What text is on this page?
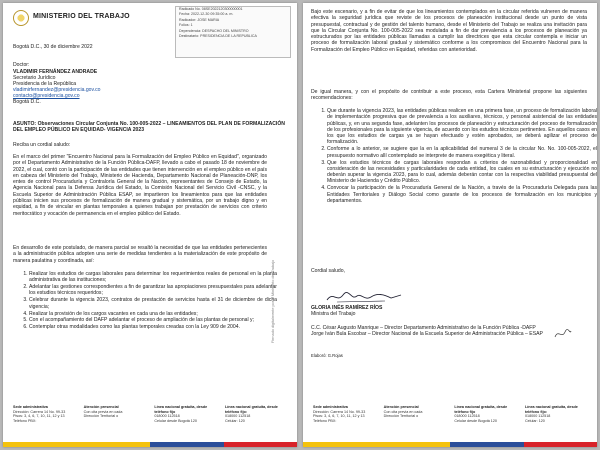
MINISTERIO DEL TRABAJO
Radicado No. 08SE2022120300000001
Fecha: 2022-12-30 09:35:00 a. m.
Radicador: JOSE MARIA
Folios: 1
Dependencia: DESPACHO DEL MINISTRO
Destinatario: PRESIDENCIA DE LA REPUBLICA

Bogotá D.C., 30 de diciembre 2022

Doctor:

VLADIMIR FERNÁNDEZ ANDRADE

Secretario Jurídico

Presidencia de la República

vladimirfernandez@presidencia.gov.co

contacto@presidencia.gov.co

Bogotá D.C.

ASUNTO: Observaciones Circular Conjunta No. 100-005-2022 – LINEAMIENTOS DEL PLAN DE FORMALIZACIÓN DEL EMPLEO PÚBLICO EN EQUIDAD- VIGENCIA 2023

Reciba un cordial saludo:

En el marco del primer "Encuentro Nacional para la Formalización del Empleo Público en Equidad", organizado por el Departamento Administrativo de la Función Pública-DAFP, llevado a cabo el pasado 18 de noviembre de 2022, el cual, contó con la participación de las entidades que tienen intervención en el empleo público en el país en cabeza del Ministerio del Trabajo, Ministerio de Hacienda, Departamento Nacional de Planeación-DNP, los entes de control Procuraduría y Contraloría General de la Nación, representantes de Consejo de Estado, la Agencia Nacional para la Defensa Jurídica del Estado, la Comisión Nacional del Servicio Civil -CNSC, y la Escuela Superior de Administración Pública ESAP, se impartieron los lineamientos para que las entidades públicas inicien sus procesos de formalización de manera gradual y sistemática, por un trabajo digno y en equidad, a fin de vincular en plantas temporales a quienes trabajan por prestación de servicios con criterio meritocrático y vocación de permanencia en el empleo público del Estado.

En desarrollo de este postulado, de manera parcial se resaltó la necesidad de que las entidades pertenecientes a la administración pública adopten una serie de medidas tendientes a la materialización de este propósito de manera paulatina y coordinada, así:

1. Realizar los estudios de cargas laborales para determinar los requerimientos reales de personal en la planta administrativa de las instituciones;
2. Adelantar las gestiones correspondientes a fin de garantizar las apropiaciones presupuestales para adelantar los estudios técnicos requeridos;
3. Celebrar durante la vigencia 2023, contratos de prestación de servicios hasta el 31 de diciembre de dicha vigencia;
4. Realizar la provisión de los cargos vacantes en cada una de las entidades;
5. Con el acompañamiento del DAFP adelantar el proceso de ampliación de las plantas de personal y;
6. Contemplar otras modalidades como las plantas temporales creadas con la Ley 909 de 2004.	Firmado digitalmente por el Ministerio del Trabajo
Sede administrativa
Dirección: Carrera 14 No. 99-33
Pisos: 3, 4, 6, 7, 10, 11, 12 y 13
Teléfono PBX:
Atención presencial
Con cita previa en cada
Dirección Territorial o
Línea nacional gratuita, desde teléfono fijo
018000 112518
Celular desde Bogotá 120
Línea nacional gratuita, desde teléfono fijo:
018000 112518
Celular: 120

Bajo este escenario, y a fin de evitar de que los lineamientos contemplados en la circular referida vulneren de manera efectiva la seguridad jurídica que reviste de los procesos de planeación institucional desde un punto de vista presupuestal, contractual y de gestión del talento humano, desde el Ministerio del Trabajo se realiza una invitación para que la Circular Conjunta No. 100-005-2022 sea modulada a fin de dar prevalencia a los procesos de planeación ya estructurados por las entidades públicas llamadas a cumplir las directrices que esta circular contempla e iniciar un proceso de formalización laboral gradual y sistemático conforme a los compromisos del Encuentro Nacional para la Formalización del Empleo Público en Equidad, referidas con anterioridad.

De igual manera, y con el propósito de contribuir a este proceso, esta Cartera Ministerial propone las siguientes recomendaciones:

1. Que durante la vigencia 2023, las entidades públicas realicen en una primera fase, un proceso de formalización laboral de implementación progresiva que de prevalencia a los auxiliares, técnicos, y personal asistencial de las entidades públicas, y, en una segunda fase, adelanten los procesos de planeación y estructuración del proceso de formalización de los profesionales para la siguiente vigencia, de acuerdo con los estudios técnicos pertinentes. En aquellos casos en los que los estudios de cargas ya se hayan efectuado y estén aprobados, se deberá agilizar el proceso de formalización.
2. Conforme a lo anterior, se sugiere que la en la aplicabilidad del numeral 3 de la circular No. No. 100-005-2022, el presupuesto normativo allí contemplado se interprete de manera exegética y literal.
3. Que los estudios técnicos de cargas laborales respondan a criterios de razonabilidad y proporcionalidad en consideración de las necesidades y particularidades de cada entidad, los cuales en su estructuración y ejecución no deberán superar la vigencia 2023, para lo cual, además deberán contar con la respectiva viabilidad presupuestal del Ministerio de Hacienda y Crédito Público.
4. Convocar la participación de la Procuraduría General de la Nación, a través de la Procuraduría Delegada para las Entidades Territoriales y Diálogo Social como garante de los procesos de formalización en los municipios y departamentos.

Cordial saludo,

GLORIA INÉS RAMÍREZ RÍOS

Ministra del Trabajo

C.C. César Augusto Manrique – Director Departamento Administrativo de la Función Pública -DAFP

Jorge Iván Bula Escobar – Director Nacional de la Escuela Superior de Administración Pública – ESAP

Elaboró: G.Rojas

Sede administrativa
Dirección: Carrera 14 No. 99-33
Pisos: 3, 4, 6, 7, 10, 11, 12 y 13
Teléfono PBX:
Atención presencial
Con cita previa en cada
Dirección Territorial o
Línea nacional gratuita, desde teléfono fijo
018000 112518
Celular desde Bogotá 120
Línea nacional gratuita, desde teléfono fijo:
018000 112518
Celular: 120
